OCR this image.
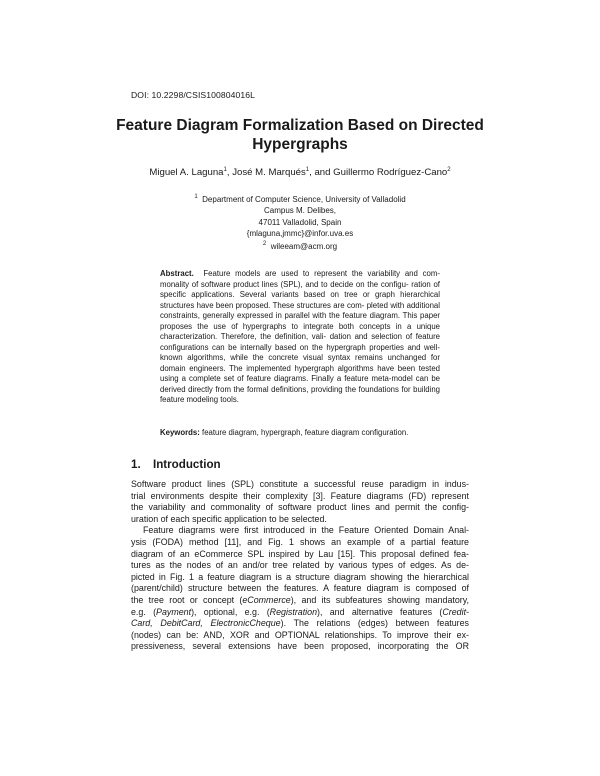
DOI: 10.2298/CSIS100804016L
Feature Diagram Formalization Based on Directed
Hypergraphs
Miguel A. Laguna$^1$, José M. Marqués$^1$, and Guillermo Rodríguez-Cano$^2$
$^1$ Department of Computer Science, University of Valladolid
Campus M. Delibes,
47011 Valladolid, Spain
{mlaguna,jmmc}@infor.uva.es
$^2$ wileeam@acm.org

Abstract. Feature models are used to represent the variability and com- monality of software product lines (SPL), and to decide on the configu- ration of specific applications. Several variants based on tree or graph hierarchical structures have been proposed. These structures are com- pleted with additional constraints, generally expressed in parallel with the feature diagram. This paper proposes the use of hypergraphs to integrate both concepts in a unique characterization. Therefore, the definition, vali- dation and selection of feature configurations can be internally based on the hypergraph properties and well-known algorithms, while the concrete visual syntax remains unchanged for domain engineers. The implemented hypergraph algorithms have been tested using a complete set of feature diagrams. Finally a feature meta-model can be derived directly from the formal definitions, providing the foundations for building feature modeling tools.

Keywords: feature diagram, hypergraph, feature diagram configuration.
1. Introduction
Software product lines (SPL) constitute a successful reuse paradigm in indus-
trial environments despite their complexity [3]. Feature diagrams (FD) represent
the variability and commonality of software product lines and permit the config-
uration of each specific application to be selected.
Feature diagrams were first introduced in the Feature Oriented Domain Anal-
ysis (FODA) method [11], and Fig. 1 shows an example of a partial feature
diagram of an eCommerce SPL inspired by Lau [15]. This proposal defined fea-
tures as the nodes of an and/or tree related by various types of edges. As de-
picted in Fig. 1 a feature diagram is a structure diagram showing the hierarchical
(parent/child) structure between the features. A feature diagram is composed of
the tree root or concept (eCommerce), and its subfeatures showing mandatory,
e.g. (Payment), optional, e.g. (Registration), and alternative features (Credit-
Card, DebitCard, ElectronicCheque). The relations (edges) between features
(nodes) can be: AND, XOR and OPTIONAL relationships. To improve their ex-
pressiveness, several extensions have been proposed, incorporating the OR
